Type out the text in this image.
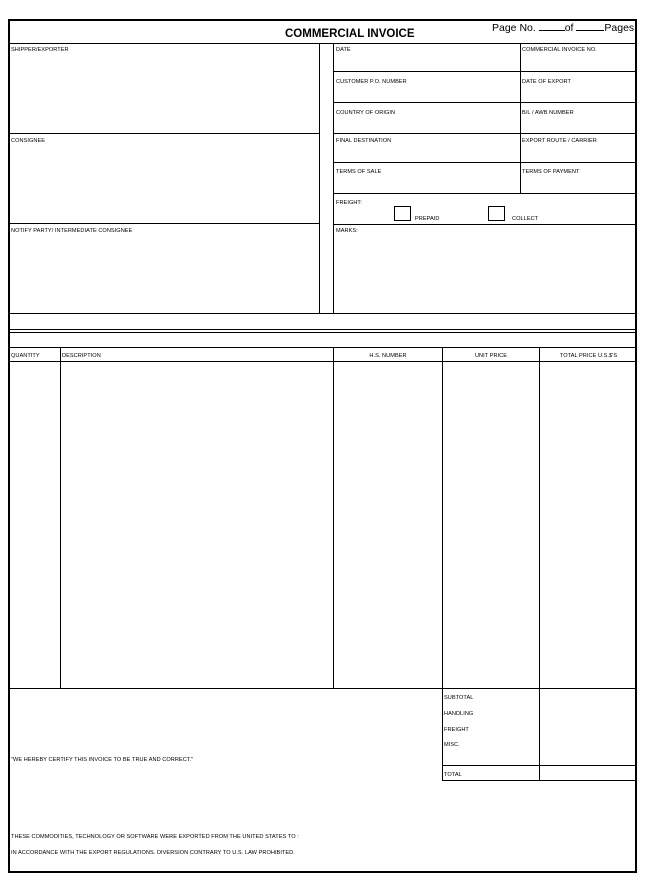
COMMERCIAL INVOICE	Page No.	of	Pages
SHIPPER/EXPORTER
CONSIGNEE
NOTIFY PARTY/ INTERMEDIATE CONSIGNEE
DATE	COMMERCIAL INVOICE NO.
CUSTOMER P.O. NUMBER	DATE OF EXPORT
COUNTRY OF ORIGIN	B/L / AWB NUMBER
FINAL DESTINATION	EXPORT ROUTE / CARRIER
TERMS OF SALE	TERMS OF PAYMENT
FREIGHT:
PREPAID	COLLECT
MARKS:
QUANTITY	DESCRIPTION	H.S. NUMBER	UNIT PRICE	TOTAL PRICE U.S.$'S
SUBTOTAL
HANDLING
FREIGHT
MISC.
TOTAL
"WE HEREBY CERTIFY THIS INVOICE TO BE TRUE AND CORRECT."
THESE COMMODITIES, TECHNOLOGY OR SOFTWARE WERE EXPORTED FROM THE UNITED STATES TO :
IN ACCORDANCE WITH THE EXPORT REGULATIONS. DIVERSION CONTRARY TO U.S. LAW PROHIBITED.
